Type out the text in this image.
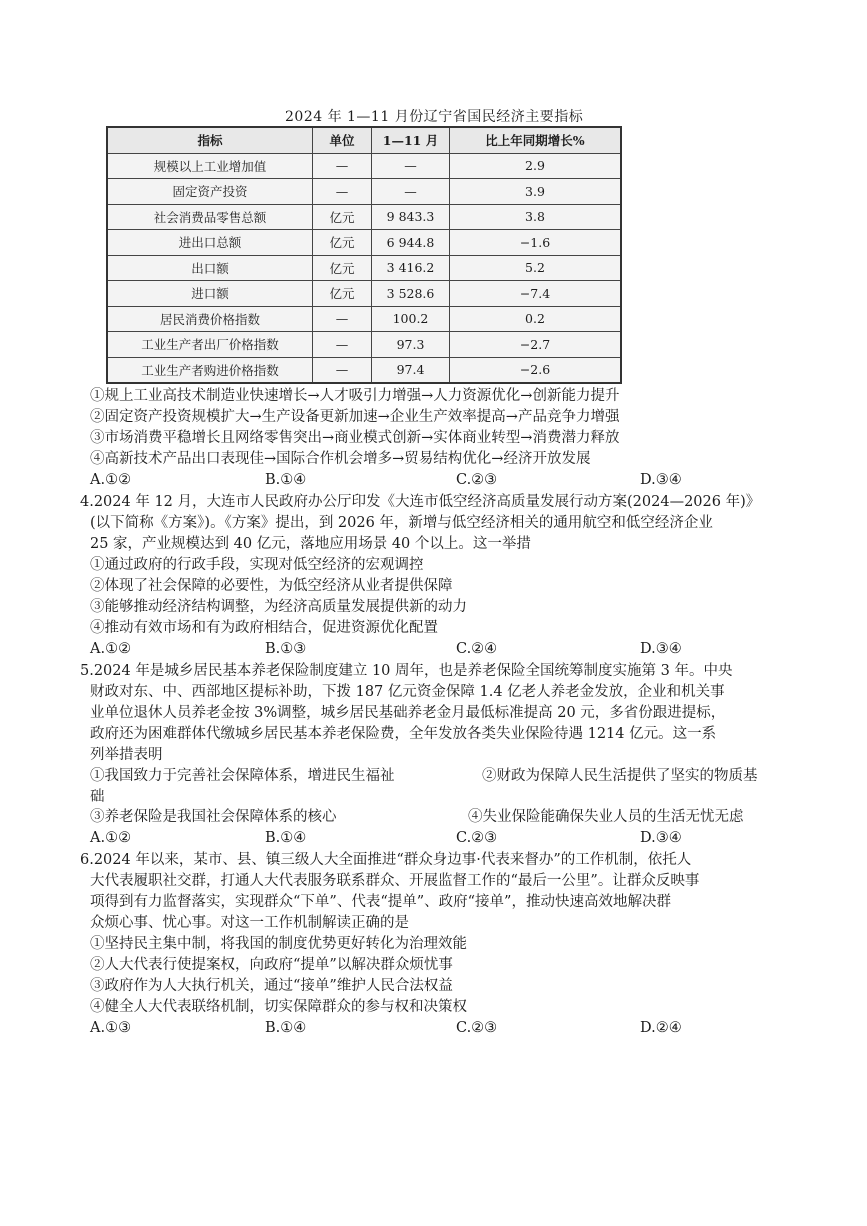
2024 年 1—11 月份辽宁省国民经济主要指标
指标	单位	1—11 月	比上年同期增长%
规模以上工业增加值	—	—	2.9
固定资产投资	—	—	3.9
社会消费品零售总额	亿元	9 843.3	3.8
进出口总额	亿元	6 944.8	−1.6
出口额	亿元	3 416.2	5.2
进口额	亿元	3 528.6	−7.4
居民消费价格指数	—	100.2	0.2
工业生产者出厂价格指数	—	97.3	−2.7
工业生产者购进价格指数	—	97.4	−2.6
①规上工业高技术制造业快速增长→人才吸引力增强→人力资源优化→创新能力提升
②固定资产投资规模扩大→生产设备更新加速→企业生产效率提高→产品竞争力增强
③市场消费平稳增长且网络零售突出→商业模式创新→实体商业转型→消费潜力释放
④高新技术产品出口表现佳→国际合作机会增多→贸易结构优化→经济开放发展
A.①②	B.①④	C.②③	D.③④
4.2024 年 12 月，大连市人民政府办公厅印发《大连市低空经济高质量发展行动方案(2024—2026 年)》
(以下简称《方案》)。《方案》提出，到 2026 年，新增与低空经济相关的通用航空和低空经济企业
25 家，产业规模达到 40 亿元，落地应用场景 40 个以上。这一举措
①通过政府的行政手段，实现对低空经济的宏观调控
②体现了社会保障的必要性，为低空经济从业者提供保障
③能够推动经济结构调整，为经济高质量发展提供新的动力
④推动有效市场和有为政府相结合，促进资源优化配置
A.①②	B.①③	C.②④	D.③④
5.2024 年是城乡居民基本养老保险制度建立 10 周年，也是养老保险全国统筹制度实施第 3 年。中央
财政对东、中、西部地区提标补助，下拨 187 亿元资金保障 1.4 亿老人养老金发放，企业和机关事
业单位退休人员养老金按 3%调整，城乡居民基础养老金月最低标准提高 20 元，多省份跟进提标，
政府还为困难群体代缴城乡居民基本养老保险费，全年发放各类失业保险待遇 1214 亿元。这一系
列举措表明
①我国致力于完善社会保障体系，增进民生福祉	②财政为保障人民生活提供了坚实的物质基
础
③养老保险是我国社会保障体系的核心	④失业保险能确保失业人员的生活无忧无虑
A.①②	B.①④	C.②③	D.③④
6.2024 年以来，某市、县、镇三级人大全面推进“群众身边事·代表来督办”的工作机制，依托人
大代表履职社交群，打通人大代表服务联系群众、开展监督工作的“最后一公里”。让群众反映事
项得到有力监督落实，实现群众“下单”、代表“提单”、政府“接单”，推动快速高效地解决群
众烦心事、忧心事。对这一工作机制解读正确的是
①坚持民主集中制，将我国的制度优势更好转化为治理效能
②人大代表行使提案权，向政府“提单”以解决群众烦忧事
③政府作为人大执行机关，通过“接单”维护人民合法权益
④健全人大代表联络机制，切实保障群众的参与权和决策权
A.①③	B.①④	C.②③	D.②④
